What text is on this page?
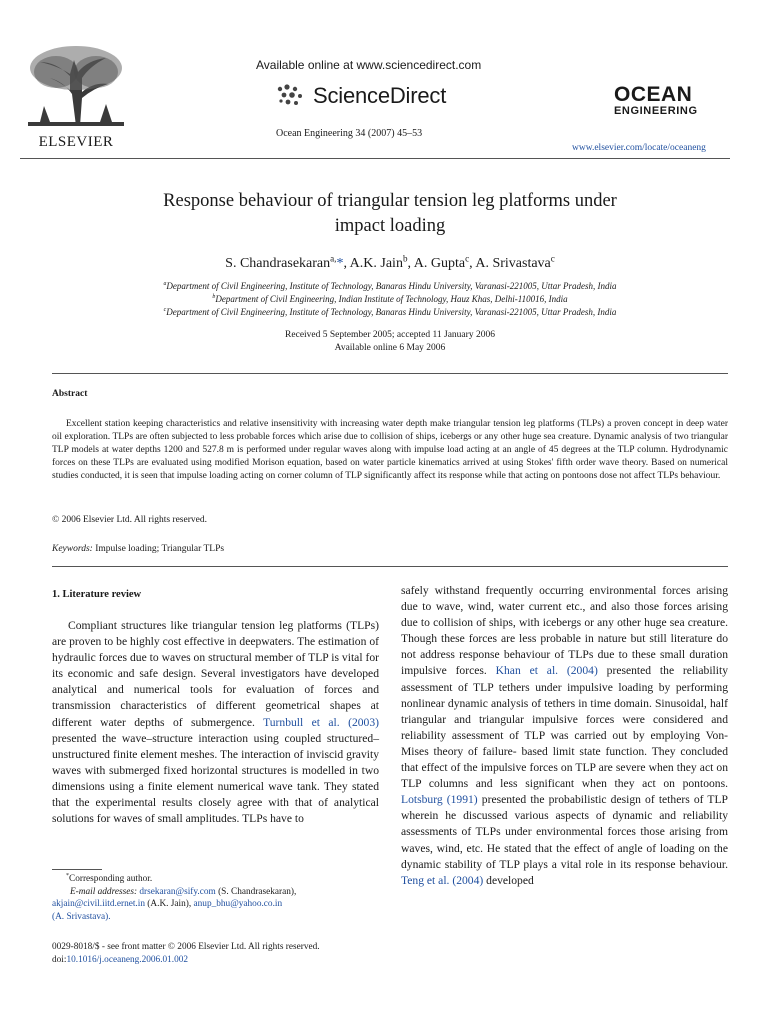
ELSEVIER
Available online at www.sciencedirect.com
ScienceDirect
Ocean Engineering 34 (2007) 45–53
OCEAN
ENGINEERING
www.elsevier.com/locate/oceaneng
Response behaviour of triangular tension leg platforms under
impact loading
S. Chandrasekaran$^{a,}$*, A.K. Jain$^b$, A. Gupta$^c$, A. Srivastava$^c$
$^a$Department of Civil Engineering, Institute of Technology, Banaras Hindu University, Varanasi-221005, Uttar Pradesh, India
$^b$Department of Civil Engineering, Indian Institute of Technology, Hauz Khas, Delhi-110016, India
$^c$Department of Civil Engineering, Institute of Technology, Banaras Hindu University, Varanasi-221005, Uttar Pradesh, India
Received 5 September 2005; accepted 11 January 2006
Available online 6 May 2006
Abstract
Excellent station keeping characteristics and relative insensitivity with increasing water depth make triangular tension leg platforms (TLPs) a proven concept in deep water oil exploration. TLPs are often subjected to less probable forces which arise due to collision of ships, icebergs or any other huge sea creature. Dynamic analysis of two triangular TLP models at water depths 1200 and 527.8 m is performed under regular waves along with impulse load acting at an angle of 45 degrees at the TLP column. Hydrodynamic forces on these TLPs are evaluated using modified Morison equation, based on water particle kinematics arrived at using Stokes' fifth order wave theory. Based on numerical studies conducted, it is seen that impulse loading acting on corner column of TLP significantly affect its response while that acting on pontoons dose not affect TLPs behaviour.
© 2006 Elsevier Ltd. All rights reserved.
Keywords: Impulse loading; Triangular TLPs
1. Literature review
Compliant structures like triangular tension leg platforms (TLPs) are proven to be highly cost effective in deepwaters. The estimation of hydraulic forces due to waves on structural member of TLP is vital for its economic and safe design. Several investigators have developed analytical and numerical tools for evaluation of forces and transmission characteristics of different geometrical shapes at different water depths of submergence. Turnbull et al. (2003) presented the wave–structure interaction using coupled structured–unstructured finite element meshes. The interaction of inviscid gravity waves with submerged fixed horizontal structures is modelled in two dimensions using a finite element numerical wave tank. They stated that the experimental results closely agree with that of analytical solutions for waves of small amplitudes. TLPs have to
safely withstand frequently occurring environmental forces arising due to wave, wind, water current etc., and also those forces arising due to collision of ships, with icebergs or any other huge sea creature. Though these forces are less probable in nature but still literature do not address response behaviour of TLPs due to these small duration impulsive forces. Khan et al. (2004) presented the reliability assessment of TLP tethers under impulsive loading by performing nonlinear dynamic analysis of tethers in time domain. Sinusoidal, half triangular and triangular impulsive forces were considered and reliability assessment of TLP was carried out by employing Von-Mises theory of failure- based limit state function. They concluded that effect of the impulsive forces on TLP are severe when they act on TLP columns and less significant when they act on pontoons. Lotsburg (1991) presented the probabilistic design of tethers of TLP wherein he discussed various aspects of dynamic and reliability assessments of TLPs under environmental forces those arising from waves, wind, etc. He stated that the effect of angle of loading on the dynamic stability of TLP plays a vital role in its response behaviour. Teng et al. (2004) developed
*Corresponding author.
E-mail addresses: drsekaran@sify.com (S. Chandrasekaran),
akjain@civil.iitd.ernet.in (A.K. Jain), anup_bhu@yahoo.co.in
(A. Srivastava).
0029-8018/$ - see front matter © 2006 Elsevier Ltd. All rights reserved.
doi:10.1016/j.oceaneng.2006.01.002
